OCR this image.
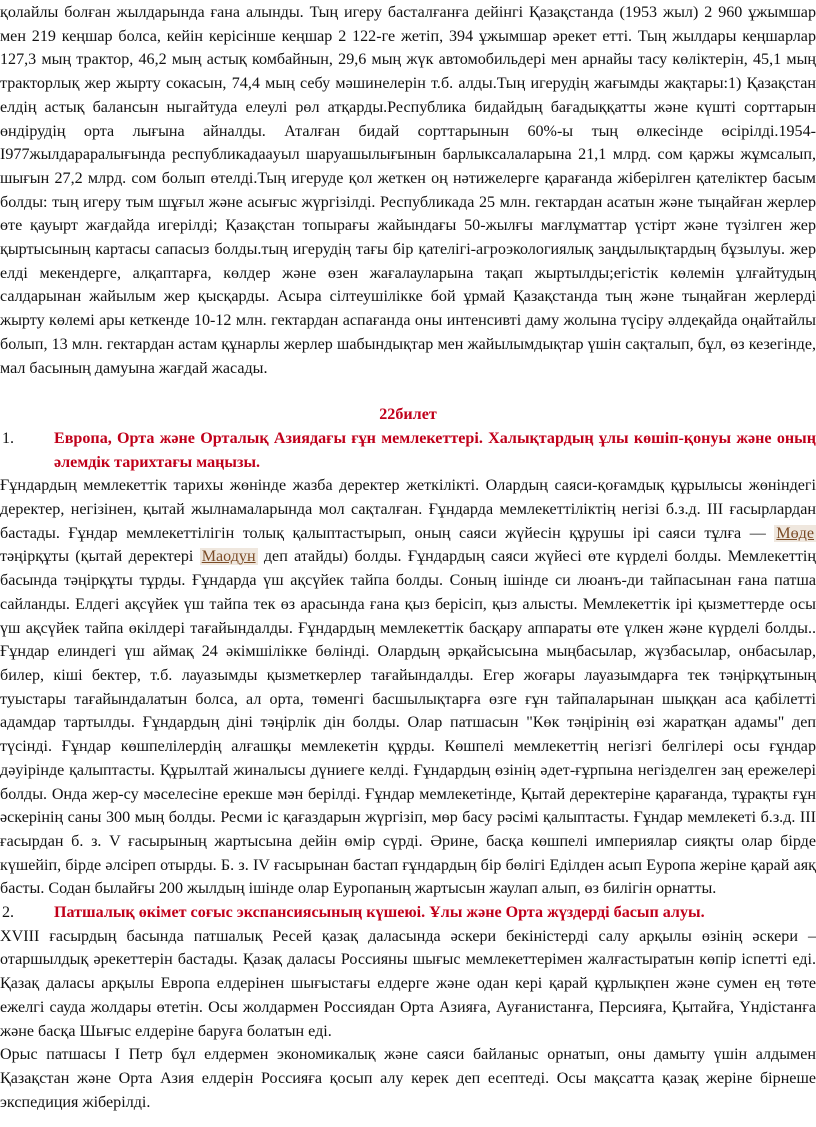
қолайлы болған жылдарында ғана алынды. Тың игеру басталғанға дейінгі Қазақстанда (1953 жыл) 2 960 ұжымшар мен 219 кеңшар болса, кейін керісінше кеңшар 2 122-ге жетіп, 394 ұжымшар әрекет етті. Тың жылдары кеңшарлар 127,3 мың трактор, 46,2 мың астық комбайнын, 29,6 мың жүк автомобильдері мен арнайы тасу көліктерін, 45,1 мың тракторлық жер жырту сокасын, 74,4 мың себу мәшинелерін т.б. алды.Тың игерудің жағымды жақтары:1) Қазақстан елдің астық балансын ныгайтуда елеулі рөл атқарды.Республика бидайдың бағадыққатты және күшті сорттарын өндірудің орта лығына айналды. Аталған бидай сорттарынын 60%-ы тың өлкесінде өсірілді.1954-І977жылдарaралығында республикадааyыл шаруашылығынын барлыксалаларына 21,1 млрд. сом қаржы жұмсалып, шығын 27,2 млрд. сом болып өтелді.Тың игеруде қол жеткен оң нәтижелерге қарағанда жіберілген қателіктер басым болды: тың игеру тым шұғыл және асығыс жүргізілді. Республикада 25 млн. гектардан асатын және тыңайған жерлер өте қауырт жағдайда игерілді; Қазақстан топырағы жайындағы 50-жылғы мағлұматтар үстірт және түзілген жер қыртысының картасы сапасыз болды.тың игерудің тағы бір қателігі-агроэкологиялық заңдылықтардың бұзылуы. жер елді мекендерге, алқаптарға, көлдер және өзен жағалауларына тақап жыртылды;егістік көлемін ұлғайтудың салдарынан жайылым жер қысқарды. Асыра сілтеушілікке бой ұрмай Қазақстанда тың және тыңайған жерлерді жырту көлемі ары кеткенде 10-12 млн. гектардан аспағанда оны интенсивті даму жолына түсіру әлдеқайда оңайтайлы болып, 13 млн. гектардан астам құнарлы жерлер шабындықтар мен жайылымдықтар үшін сақталып, бұл, өз кезегінде, мал басының дамуына жағдай жасады.

22билет

1.	Европа, Орта және Орталық Азиядағы ғұн мемлекеттері. Халықтардың ұлы көшіп-қонуы және оның әлемдік тарихтағы маңызы.

Ғұндардың мемлекеттік тарихы жөнінде жазба деректер жеткілікті. Олардың саяси-қоғамдық құрылысы жөніндегі деректер, негізінен, қытай жылнамаларында мол сақталған. Ғұндарда мемлекеттіліктің негізі б.з.д. ІІІ ғасырлардан бастады. Ғұндар мемлекеттілігін толық қалыптастырып, оның саяси жүйесін құрушы ірі саяси тұлға — Мөде тәңірқұты (қытай деректері Маодун деп атайды) болды. Ғұндардың саяси жүйесі өте күрделі болды. Мемлекеттің басында тәңірқұты тұрды. Ғұндарда үш ақсүйек тайпа болды. Соның ішінде си люанъ-ди тайпасынан ғана патша сайланды. Елдегі ақсүйек үш тайпа тек өз арасында ғана қыз берісіп, қыз алысты. Мемлекеттік ірі қызметтерде осы үш ақсүйек тайпа өкілдері тағайындалды. Ғұндардың мемлекеттік басқару аппараты өте үлкен және күрделі болды.. Ғұндар елиндегі үш аймақ 24 әкімшілікке бөлінді. Олардың әрқайсысына мыңбасылар, жүзбасылар, онбасылар, билер, кіші бектер, т.б. лауазымды қызметкерлер тағайындалды. Егер жоғары лауазымдарға тек тәңірқұтының туыстары тағайындалатын болса, ал орта, төменгі басшылықтарға өзге ғұн тайпаларынан шыққан аса қабілетті адамдар тартылды. Ғұндардың діні тәңірлік дін болды. Олар патшасын "Көк тәңірінің өзі жаратқан адамы" деп түсінді. Ғұндар көшпелілердің алғашқы мемлекетін құрды. Көшпелі мемлекеттің негізгі белгілері осы ғұндар дәуірінде қалыптасты. Құрылтай жиналысы дүниеге келді. Ғұндардың өзінің әдет-ғұрпына негізделген заң ережелері болды. Онда жер-су мәселесіне ерекше мән берілді. Ғұндар мемлекетінде, Қытай деректеріне қарағанда, тұрақты ғұн әскерінің саны 300 мың болды. Ресми іс қағаздарын жүргізіп, мөр басу рәсімі қалыптасты. Ғұндар мемлекеті б.з.д. ІІІ ғасырдан б. з. V ғасырының жартысына дейін өмір сүрді. Әрине, басқа көшпелі империялар сияқты олар бірде күшейіп, бірде әлсіреп отырды. Б. з. IV ғасырынан бастап ғұндардың бір бөлігі Еділден асып Еуропа жеріне қарай аяқ басты. Содан былайғы 200 жылдың ішінде олар Еуропаның жартысын жаулап алып, өз билігін орнатты.

2.	Патшалық өкімет соғыс экспансиясының күшеюі. Ұлы және Орта жүздерді басып алуы.

XVIII ғасырдың басында патшалық Ресей қазақ даласында әскери бекіністерді салу арқылы өзінің әскери – отаршылдық әрекеттерін бастады. Қазақ даласы Россияны шығыс мемлекеттерімен жалғастыратын көпір іспетті еді. Қазақ даласы арқылы Европа елдерінен шығыстағы елдерге және одан кері қарай құрлықпен және сумен ең төте ежелгі сауда жолдары өтетін. Осы жолдармен Россиядан Орта Азияға, Ауғанистанға, Персияға, Қытайға, Үндістанға және басқа Шығыс елдеріне баруға болатын еді.

Орыс патшасы І Петр бұл елдермен экономикалық және саяси байланыс орнатып, оны дамыту үшін алдымен Қазақстан және Орта Азия елдерін Россияға қосып алу керек деп есептеді. Осы мақсатта қазақ жеріне бірнеше экспедиция жіберілді.
